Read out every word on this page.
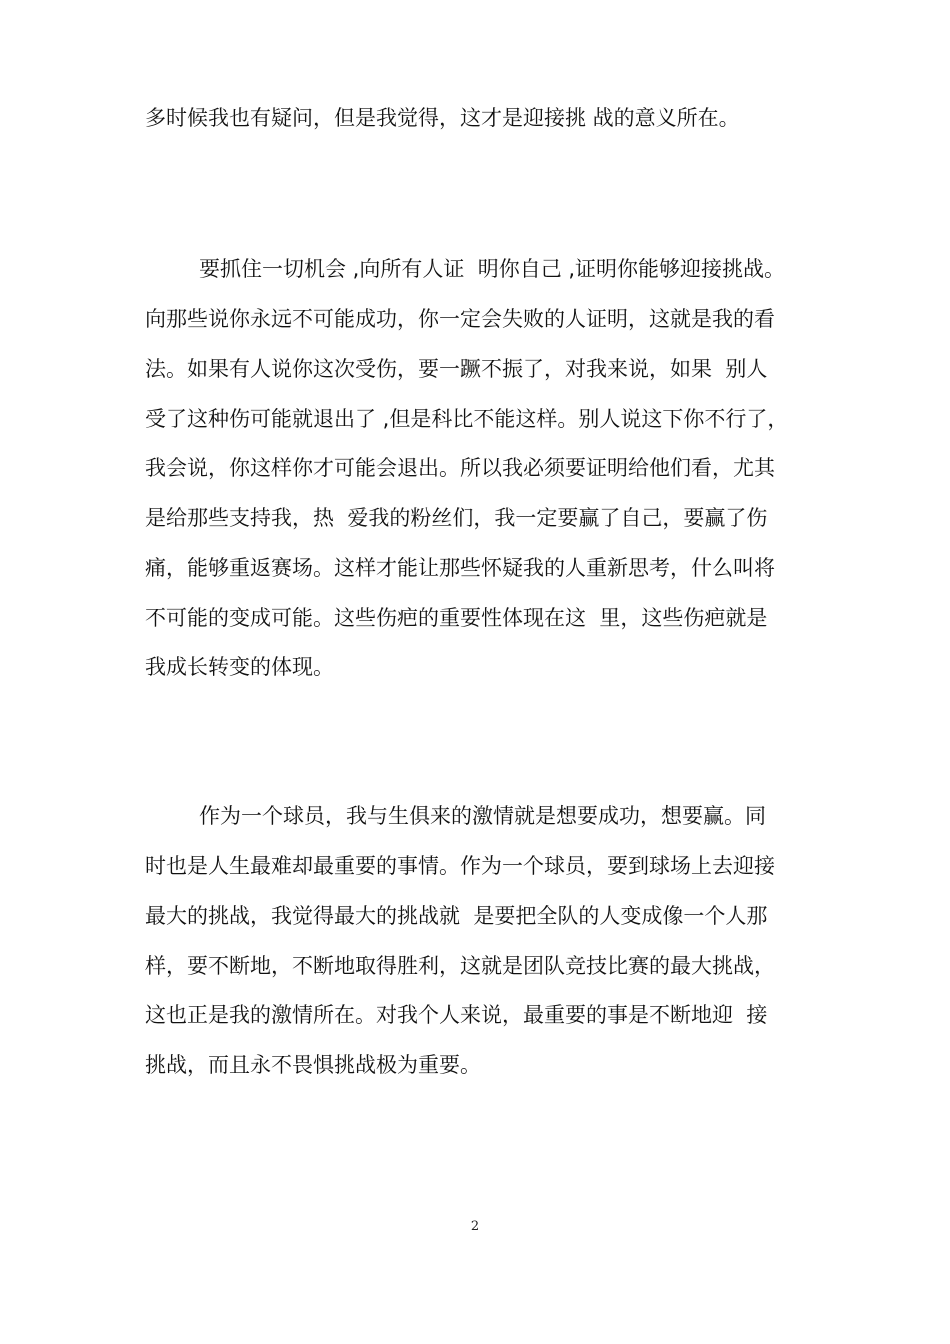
多时候我也有疑问，但是我觉得，这才是迎接挑 战的意义所在。
要抓住一切机会 ,向所有人证  明你自己 ,证明你能够迎接挑战。
向那些说你永远不可能成功，你一定会失败的人证明，这就是我的看
法。如果有人说你这次受伤，要一蹶不振了，对我来说，如果  别人
受了这种伤可能就退出了 ,但是科比不能这样。别人说这下你不行了，
我会说，你这样你才可能会退出。所以我必须要证明给他们看，尤其
是给那些支持我，热  爱我的粉丝们，我一定要赢了自己，要赢了伤
痛，能够重返赛场。这样才能让那些怀疑我的人重新思考，什么叫将
不可能的变成可能。这些伤疤的重要性体现在这  里，这些伤疤就是
我成长转变的体现。
作为一个球员，我与生俱来的激情就是想要成功，想要赢。同
时也是人生最难却最重要的事情。作为一个球员，要到球场上去迎接
最大的挑战，我觉得最大的挑战就  是要把全队的人变成像一个人那
样，要不断地，不断地取得胜利，这就是团队竞技比赛的最大挑战，
这也正是我的激情所在。对我个人来说，最重要的事是不断地迎  接
挑战，而且永不畏惧挑战极为重要。
2
